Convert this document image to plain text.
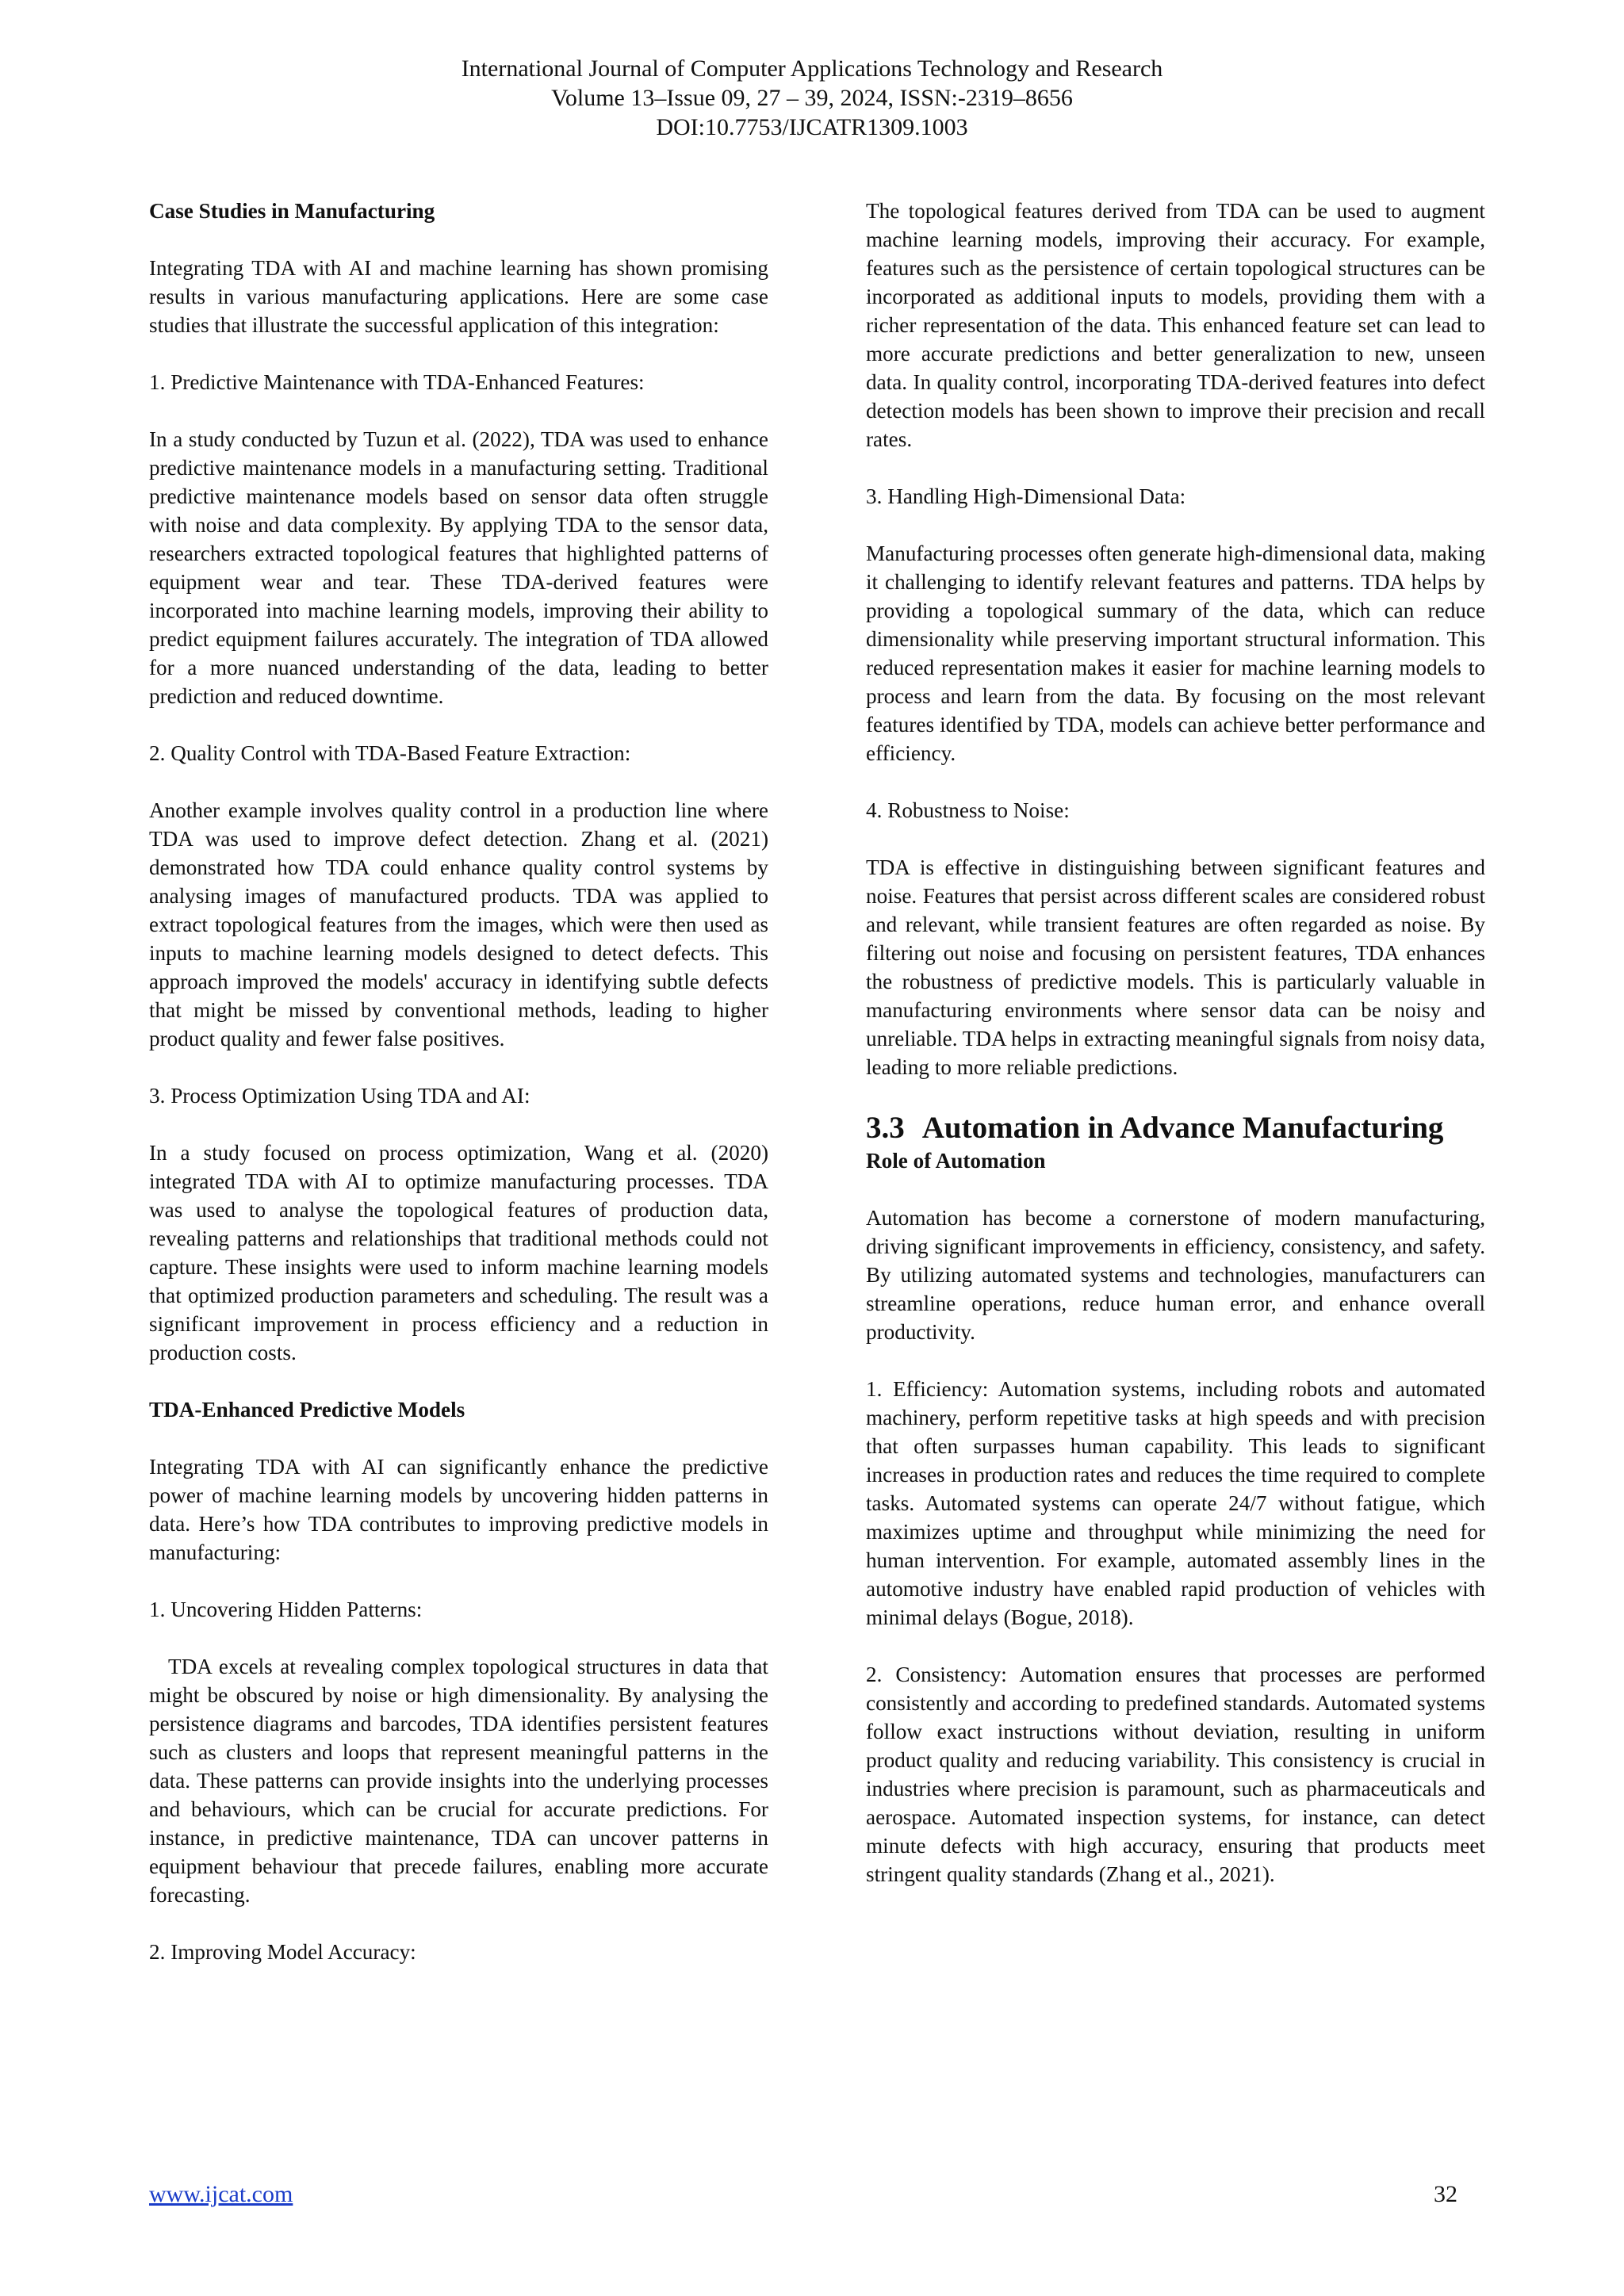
International Journal of Computer Applications Technology and Research
Volume 13–Issue 09, 27 – 39, 2024, ISSN:-2319–8656
DOI:10.7753/IJCATR1309.1003

Case Studies in Manufacturing

Integrating TDA with AI and machine learning has shown promising results in various manufacturing applications. Here are some case studies that illustrate the successful application of this integration:

1. Predictive Maintenance with TDA-Enhanced Features:

In a study conducted by Tuzun et al. (2022), TDA was used to enhance predictive maintenance models in a manufacturing setting. Traditional predictive maintenance models based on sensor data often struggle with noise and data complexity. By applying TDA to the sensor data, researchers extracted topological features that highlighted patterns of equipment wear and tear. These TDA-derived features were incorporated into machine learning models, improving their ability to predict equipment failures accurately. The integration of TDA allowed for a more nuanced understanding of the data, leading to better prediction and reduced downtime.

2. Quality Control with TDA-Based Feature Extraction:

Another example involves quality control in a production line where TDA was used to improve defect detection. Zhang et al. (2021) demonstrated how TDA could enhance quality control systems by analysing images of manufactured products. TDA was applied to extract topological features from the images, which were then used as inputs to machine learning models designed to detect defects. This approach improved the models' accuracy in identifying subtle defects that might be missed by conventional methods, leading to higher product quality and fewer false positives.

3. Process Optimization Using TDA and AI:

In a study focused on process optimization, Wang et al. (2020) integrated TDA with AI to optimize manufacturing processes. TDA was used to analyse the topological features of production data, revealing patterns and relationships that traditional methods could not capture. These insights were used to inform machine learning models that optimized production parameters and scheduling. The result was a significant improvement in process efficiency and a reduction in production costs.

TDA-Enhanced Predictive Models

Integrating TDA with AI can significantly enhance the predictive power of machine learning models by uncovering hidden patterns in data. Here’s how TDA contributes to improving predictive models in manufacturing:

1. Uncovering Hidden Patterns:

TDA excels at revealing complex topological structures in data that might be obscured by noise or high dimensionality. By analysing the persistence diagrams and barcodes, TDA identifies persistent features such as clusters and loops that represent meaningful patterns in the data. These patterns can provide insights into the underlying processes and behaviours, which can be crucial for accurate predictions. For instance, in predictive maintenance, TDA can uncover patterns in equipment behaviour that precede failures, enabling more accurate forecasting.

2. Improving Model Accuracy:

The topological features derived from TDA can be used to augment machine learning models, improving their accuracy. For example, features such as the persistence of certain topological structures can be incorporated as additional inputs to models, providing them with a richer representation of the data. This enhanced feature set can lead to more accurate predictions and better generalization to new, unseen data. In quality control, incorporating TDA-derived features into defect detection models has been shown to improve their precision and recall rates.

3. Handling High-Dimensional Data:

Manufacturing processes often generate high-dimensional data, making it challenging to identify relevant features and patterns. TDA helps by providing a topological summary of the data, which can reduce dimensionality while preserving important structural information. This reduced representation makes it easier for machine learning models to process and learn from the data. By focusing on the most relevant features identified by TDA, models can achieve better performance and efficiency.

4. Robustness to Noise:

TDA is effective in distinguishing between significant features and noise. Features that persist across different scales are considered robust and relevant, while transient features are often regarded as noise. By filtering out noise and focusing on persistent features, TDA enhances the robustness of predictive models. This is particularly valuable in manufacturing environments where sensor data can be noisy and unreliable. TDA helps in extracting meaningful signals from noisy data, leading to more reliable predictions.

3.3 Automation in Advance Manufacturing

Role of Automation

Automation has become a cornerstone of modern manufacturing, driving significant improvements in efficiency, consistency, and safety. By utilizing automated systems and technologies, manufacturers can streamline operations, reduce human error, and enhance overall productivity.

1. Efficiency: Automation systems, including robots and automated machinery, perform repetitive tasks at high speeds and with precision that often surpasses human capability. This leads to significant increases in production rates and reduces the time required to complete tasks. Automated systems can operate 24/7 without fatigue, which maximizes uptime and throughput while minimizing the need for human intervention. For example, automated assembly lines in the automotive industry have enabled rapid production of vehicles with minimal delays (Bogue, 2018).

2. Consistency: Automation ensures that processes are performed consistently and according to predefined standards. Automated systems follow exact instructions without deviation, resulting in uniform product quality and reducing variability. This consistency is crucial in industries where precision is paramount, such as pharmaceuticals and aerospace. Automated inspection systems, for instance, can detect minute defects with high accuracy, ensuring that products meet stringent quality standards (Zhang et al., 2021).

www.ijcat.com	32
